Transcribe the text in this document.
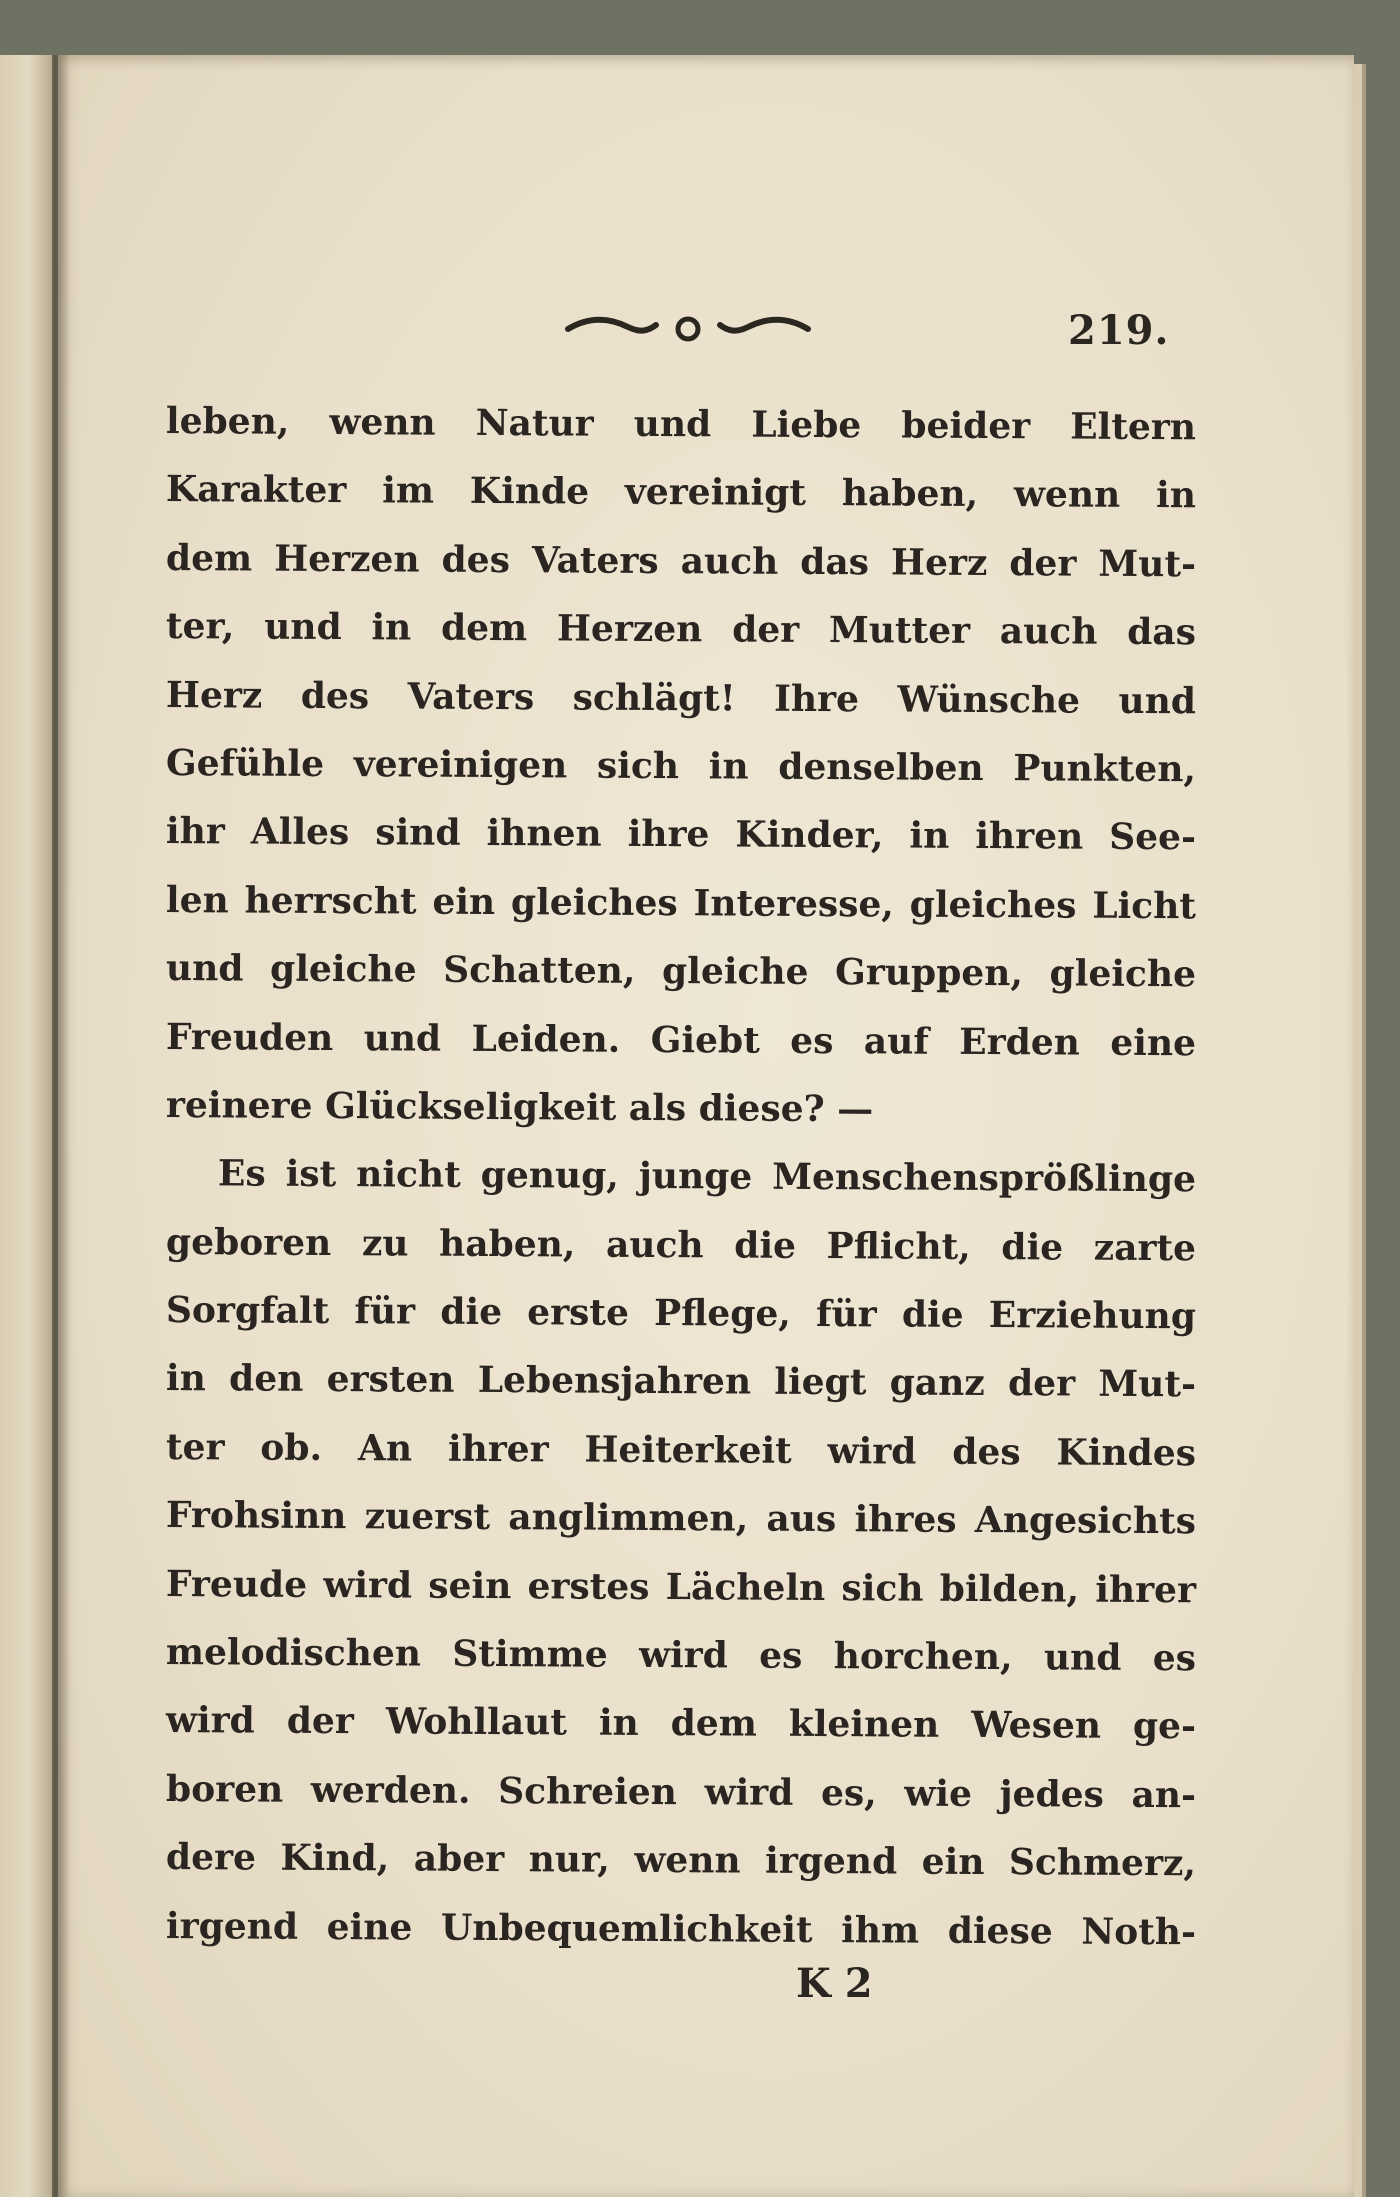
219.
leben, wenn Natur und Liebe beider Eltern
Karakter im Kinde vereinigt haben, wenn in
dem Herzen des Vaters auch das Herz der Mut-
ter, und in dem Herzen der Mutter auch das
Herz des Vaters schlägt! Ihre Wünsche und
Gefühle vereinigen sich in denselben Punkten,
ihr Alles sind ihnen ihre Kinder, in ihren See-
len herrscht ein gleiches Interesse, gleiches Licht
und gleiche Schatten, gleiche Gruppen, gleiche
Freuden und Leiden. Giebt es auf Erden eine
reinere Glückseligkeit als diese? —
Es ist nicht genug, junge Menschensprößlinge
geboren zu haben, auch die Pflicht, die zarte
Sorgfalt für die erste Pflege, für die Erziehung
in den ersten Lebensjahren liegt ganz der Mut-
ter ob. An ihrer Heiterkeit wird des Kindes
Frohsinn zuerst anglimmen, aus ihres Angesichts
Freude wird sein erstes Lächeln sich bilden, ihrer
melodischen Stimme wird es horchen, und es
wird der Wohllaut in dem kleinen Wesen ge-
boren werden. Schreien wird es, wie jedes an-
dere Kind, aber nur, wenn irgend ein Schmerz,
irgend eine Unbequemlichkeit ihm diese Noth-
K 2
